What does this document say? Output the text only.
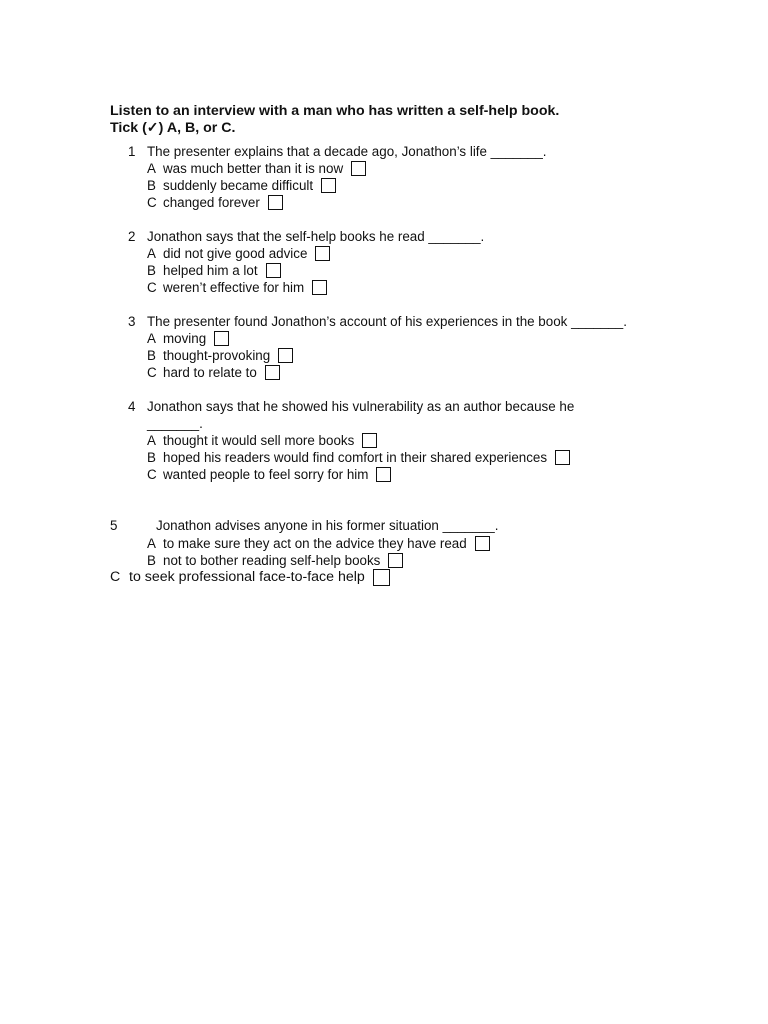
Listen to an interview with a man who has written a self-help book.
Tick (✓) A, B, or C.
1 The presenter explains that a decade ago, Jonathon’s life _______.
A was much better than it is now
B suddenly became difficult
C changed forever
2 Jonathon says that the self-help books he read _______.
A did not give good advice
B helped him a lot
C weren’t effective for him
3 The presenter found Jonathon’s account of his experiences in the book _______.
A moving
B thought-provoking
C hard to relate to
4 Jonathon says that he showed his vulnerability as an author because he
_______.
A thought it would sell more books
B hoped his readers would find comfort in their shared experiences
C wanted people to feel sorry for him
5	Jonathon advises anyone in his former situation _______.
A to make sure they act on the advice they have read
B not to bother reading self-help books
C to seek professional face-to-face help
